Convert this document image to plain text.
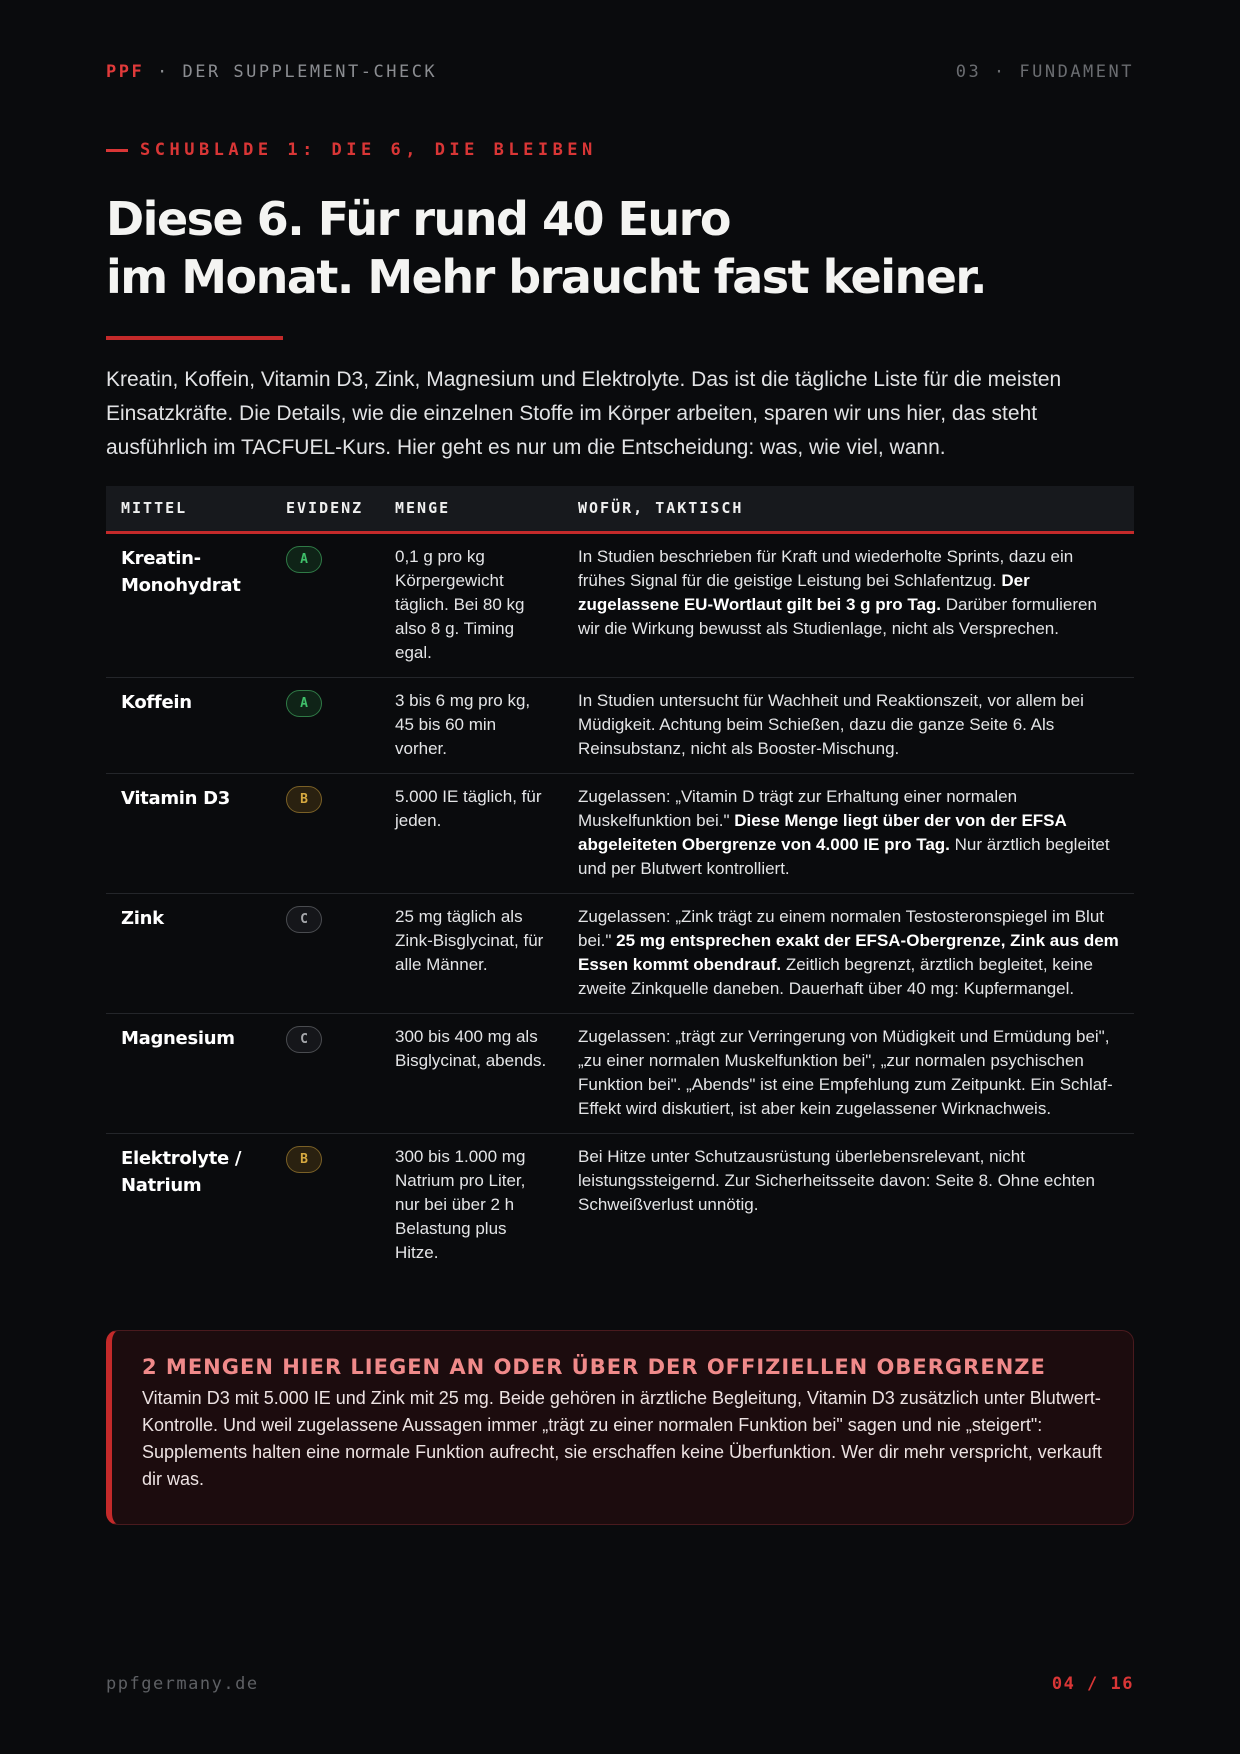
PPF · DER SUPPLEMENT-CHECK	03 · FUNDAMENT
SCHUBLADE 1: DIE 6, DIE BLEIBEN
Diese 6. Für rund 40 Euro
im Monat. Mehr braucht fast keiner.

Kreatin, Koffein, Vitamin D3, Zink, Magnesium und Elektrolyte. Das ist die tägliche Liste für die meisten Einsatzkräfte. Die Details, wie die einzelnen Stoffe im Körper arbeiten, sparen wir uns hier, das steht ausführlich im TACFUEL-Kurs. Hier geht es nur um die Entscheidung: was, wie viel, wann.

MITTEL	EVIDENZ	MENGE	WOFÜR, TAKTISCH

Kreatin-Monohydrat	A	0,1 g pro kg Körpergewicht täglich. Bei 80 kg also 8 g. Timing egal.	In Studien beschrieben für Kraft und wiederholte Sprints, dazu ein frühes Signal für die geistige Leistung bei Schlafentzug. Der zugelassene EU-Wortlaut gilt bei 3 g pro Tag. Darüber formulieren wir die Wirkung bewusst als Studienlage, nicht als Versprechen.

Koffein	A	3 bis 6 mg pro kg, 45 bis 60 min vorher.	In Studien untersucht für Wachheit und Reaktionszeit, vor allem bei Müdigkeit. Achtung beim Schießen, dazu die ganze Seite 6. Als Reinsubstanz, nicht als Booster-Mischung.

Vitamin D3	B	5.000 IE täglich, für jeden.	Zugelassen: „Vitamin D trägt zur Erhaltung einer normalen Muskelfunktion bei." Diese Menge liegt über der von der EFSA abgeleiteten Obergrenze von 4.000 IE pro Tag. Nur ärztlich begleitet und per Blutwert kontrolliert.

Zink	C	25 mg täglich als Zink-Bisglycinat, für alle Männer.	Zugelassen: „Zink trägt zu einem normalen Testosteronspiegel im Blut bei." 25 mg entsprechen exakt der EFSA-Obergrenze, Zink aus dem Essen kommt obendrauf. Zeitlich begrenzt, ärztlich begleitet, keine zweite Zinkquelle daneben. Dauerhaft über 40 mg: Kupfermangel.

Magnesium	C	300 bis 400 mg als Bisglycinat, abends.	Zugelassen: „trägt zur Verringerung von Müdigkeit und Ermüdung bei", „zu einer normalen Muskelfunktion bei", „zur normalen psychischen Funktion bei". „Abends" ist eine Empfehlung zum Zeitpunkt. Ein Schlaf-Effekt wird diskutiert, ist aber kein zugelassener Wirknachweis.

Elektrolyte / Natrium	B	300 bis 1.000 mg Natrium pro Liter, nur bei über 2 h Belastung plus Hitze.	Bei Hitze unter Schutzausrüstung überlebensrelevant, nicht leistungssteigernd. Zur Sicherheitsseite davon: Seite 8. Ohne echten Schweißverlust unnötig.
2 MENGEN HIER LIEGEN AN ODER ÜBER DER OFFIZIELLEN OBERGRENZE
Vitamin D3 mit 5.000 IE und Zink mit 25 mg. Beide gehören in ärztliche Begleitung, Vitamin D3 zusätzlich unter Blutwert-Kontrolle. Und weil zugelassene Aussagen immer „trägt zu einer normalen Funktion bei" sagen und nie „steigert": Supplements halten eine normale Funktion aufrecht, sie erschaffen keine Überfunktion. Wer dir mehr verspricht, verkauft dir was.
ppfgermany.de	04 / 16
